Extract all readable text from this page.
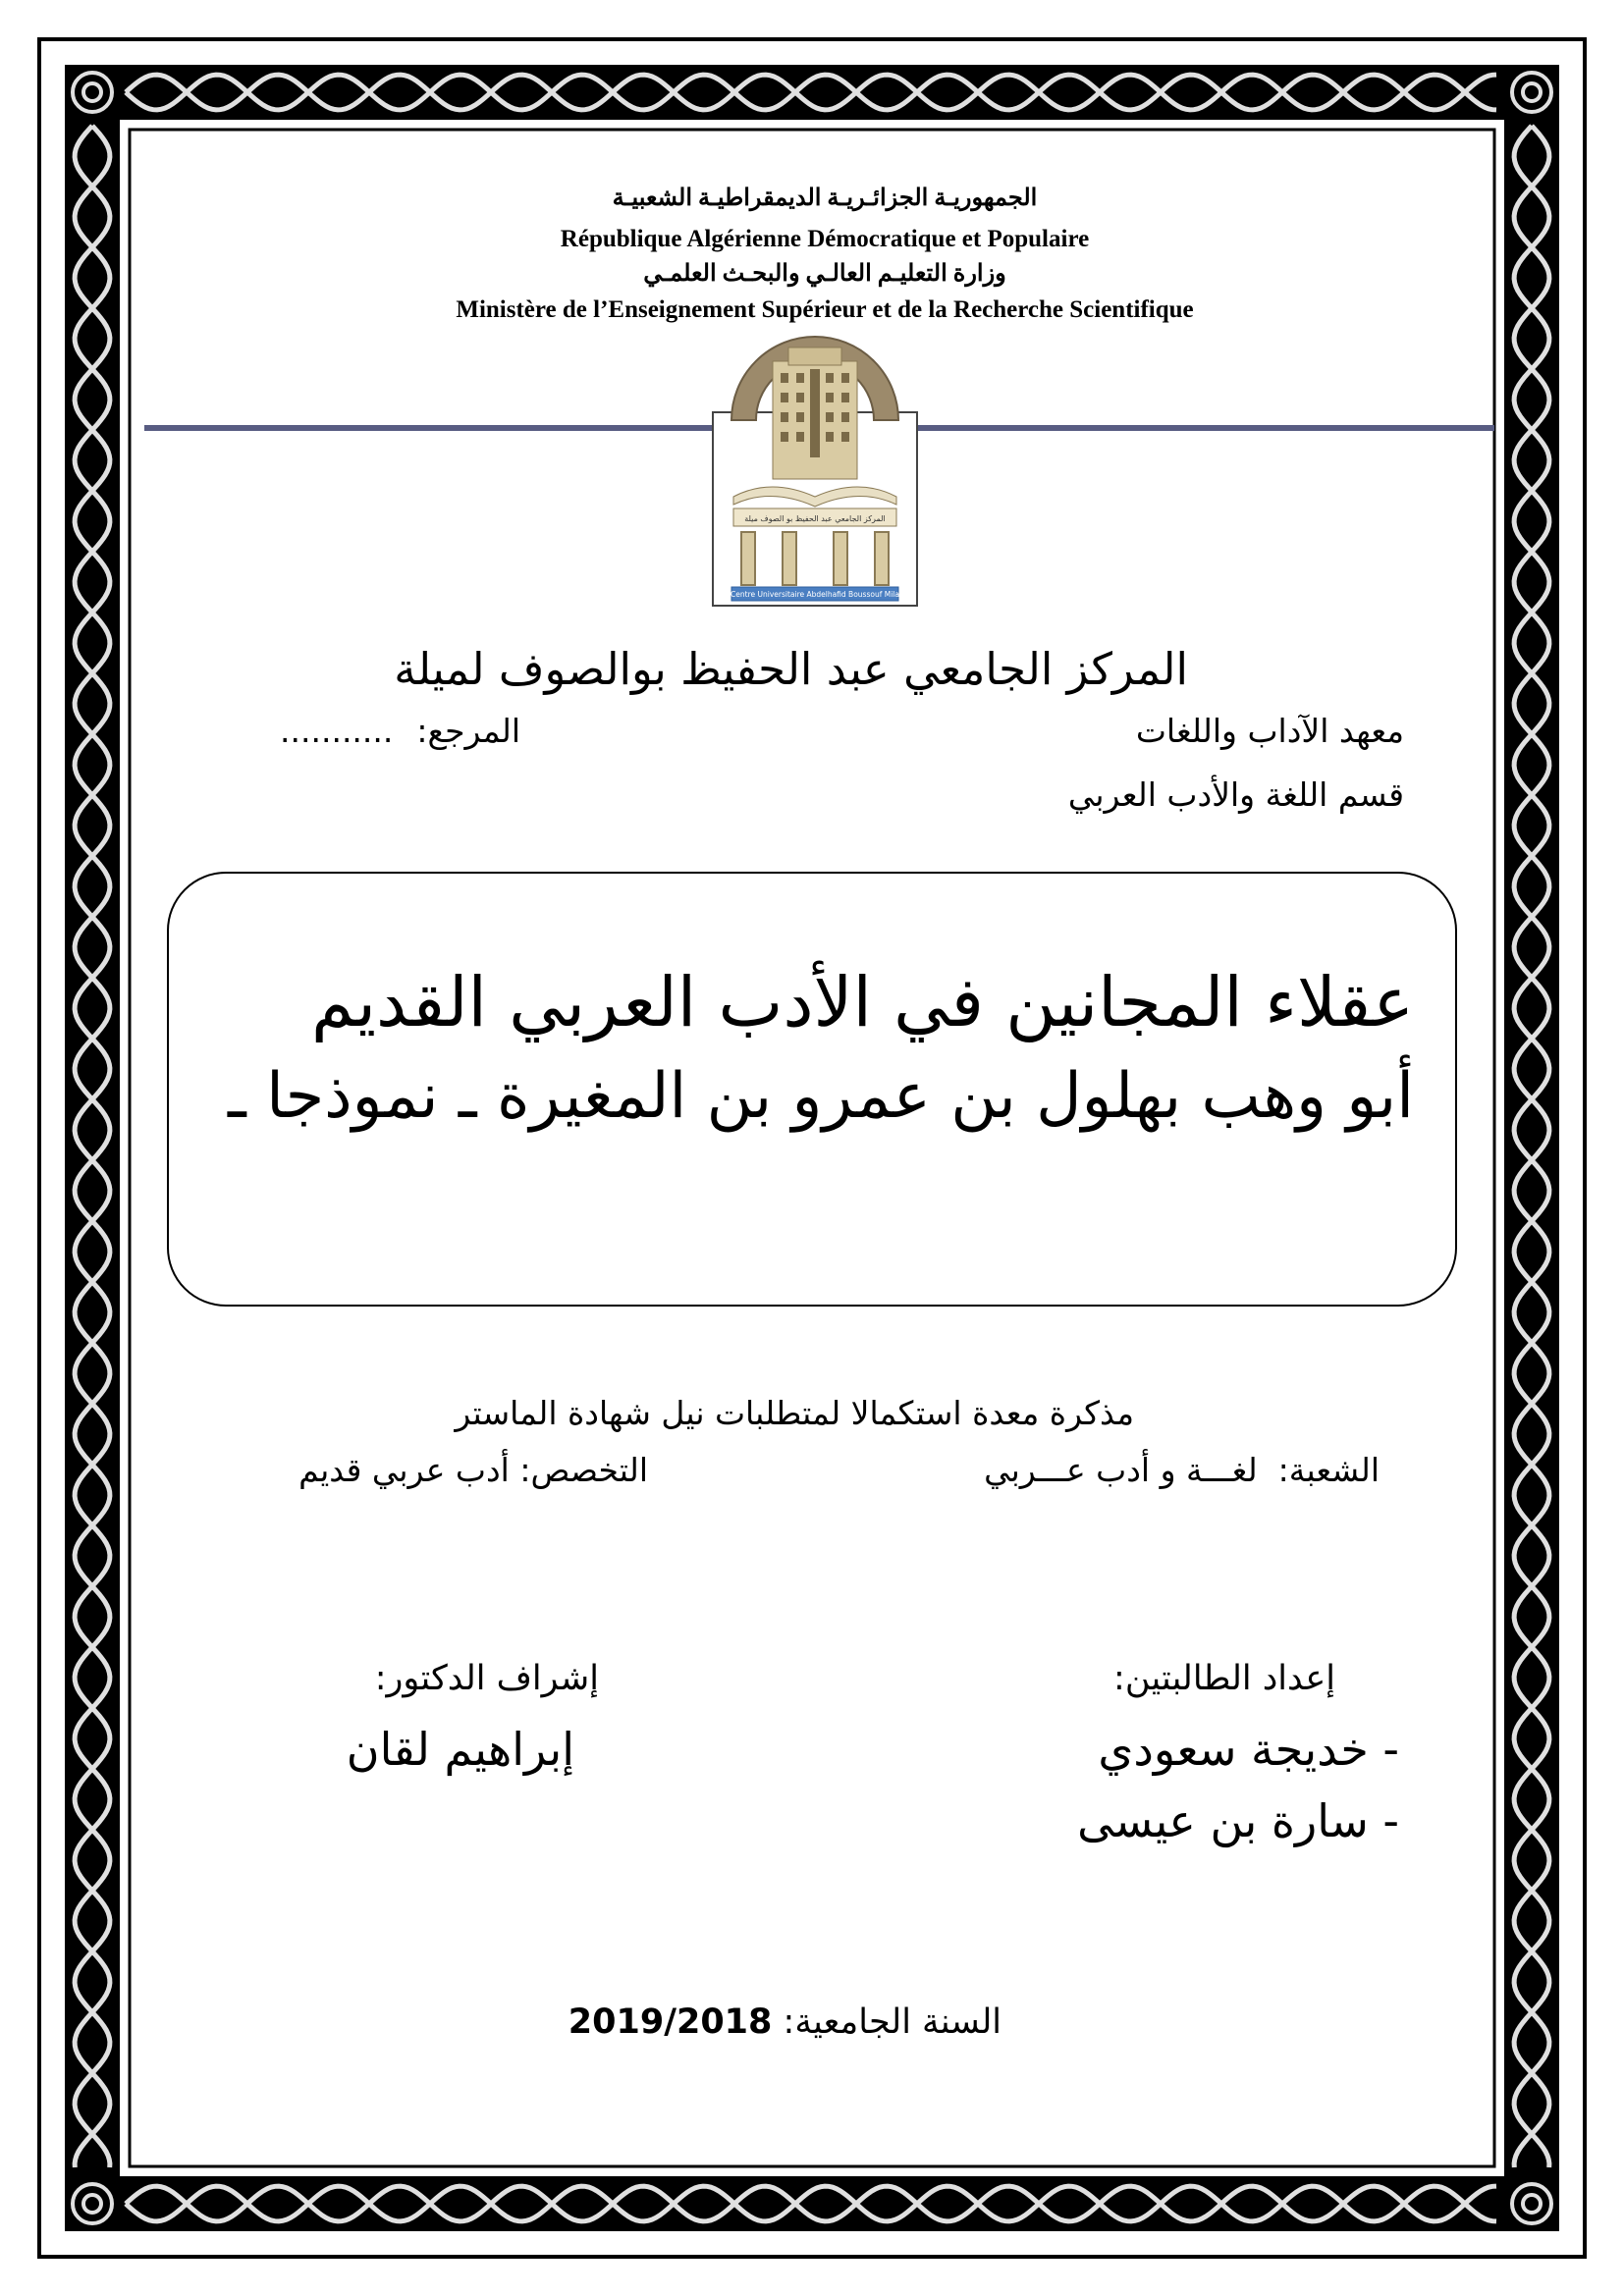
الجمهوريـة الجزائـريـة الديمقراطيـة الشعبيـة
République Algérienne Démocratique et Populaire
وزارة التعليـم العالـي والبحـث العلمـي
Ministère de l’Enseignement Supérieur et de la Recherche Scientifique
المركز الجامعي عبد الحفيظ بو الصوف ميلة
Centre Universitaire Abdelhafid Boussouf Mila
المركز الجامعي عبد الحفيظ بوالصوف لميلة
معهد الآداب واللغات
المرجع:
...........
قسم اللغة والأدب العربي
عقلاء المجانين في الأدب العربي القديم
أبو وهب بهلول بن عمرو بن المغيرة ـ نموذجا ـ
مذكرة معدة استكمالا لمتطلبات نيل شهادة الماستر
الشعبة:  لغـــة و أدب عـــربي
التخصص: أدب عربي قديم
إعداد الطالبتين:
إشراف الدكتور:
- خديجة سعودي
- سارة بن عيسى
إبراهيم لقان
السنة الجامعية: 2019/2018
